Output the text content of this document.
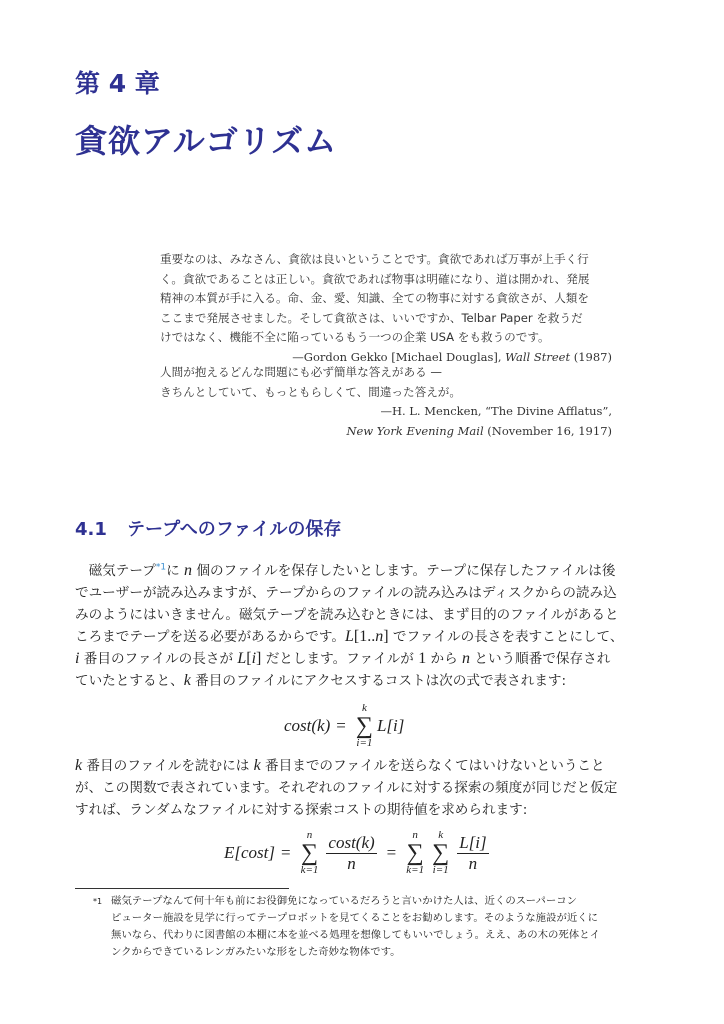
第 4 章
貪欲アルゴリズム
重要なのは、みなさん、貪欲は良いということです。貪欲であれば万事が上手く行
く。貪欲であることは正しい。貪欲であれば物事は明確になり、道は開かれ、発展
精神の本質が手に入る。命、金、愛、知識、全ての物事に対する貪欲さが、人類を
ここまで発展させました。そして貪欲さは、いいですか、Telbar Paper を救うだ
けではなく、機能不全に陥っているもう一つの企業 USA をも救うのです。
—Gordon Gekko [Michael Douglas], Wall Street (1987)
人間が抱えるどんな問題にも必ず簡単な答えがある —
きちんとしていて、もっともらしくて、間違った答えが。
—H. L. Mencken, “The Divine Afflatus”,
New York Evening Mail (November 16, 1917)
4.1 テープへのファイルの保存
　磁気テープ$^{*1}$に n 個のファイルを保存したいとします。テープに保存したファイルは後
でユーザーが読み込みますが、テープからのファイルの読み込みはディスクからの読み込
みのようにはいきません。磁気テープを読み込むときには、まず目的のファイルがあると
ころまでテープを送る必要があるからです。L[1..n] でファイルの長さを表すことにして、
i 番目のファイルの長さが L[i] だとします。ファイルが 1 から n という順番で保存され
ていたとすると、k 番目のファイルにアクセスするコストは次の式で表されます:
cost(k) =
k
∑
i=1
L[i]
k 番目のファイルを読むには k 番目までのファイルを送らなくてはいけないということ
が、この関数で表されています。それぞれのファイルに対する探索の頻度が同じだと仮定
すれば、ランダムなファイルに対する探索コストの期待値を求められます:
E[cost] =
n
∑
$k=1 \frac{\cos t(k)}{n}$ =
n
∑
k=1
k
∑
$i=1 \frac{L[i]}{n}$
*1 磁気テープなんて何十年も前にお役御免になっているだろうと言いかけた人は、近くのスーパーコン
ピューター施設を見学に行ってテープロボットを見てくることをお勧めします。そのような施設が近くに
無いなら、代わりに図書館の本棚に本を並べる処理を想像してもいいでしょう。ええ、あの木の死体とイ
ンクからできているレンガみたいな形をした奇妙な物体です。
